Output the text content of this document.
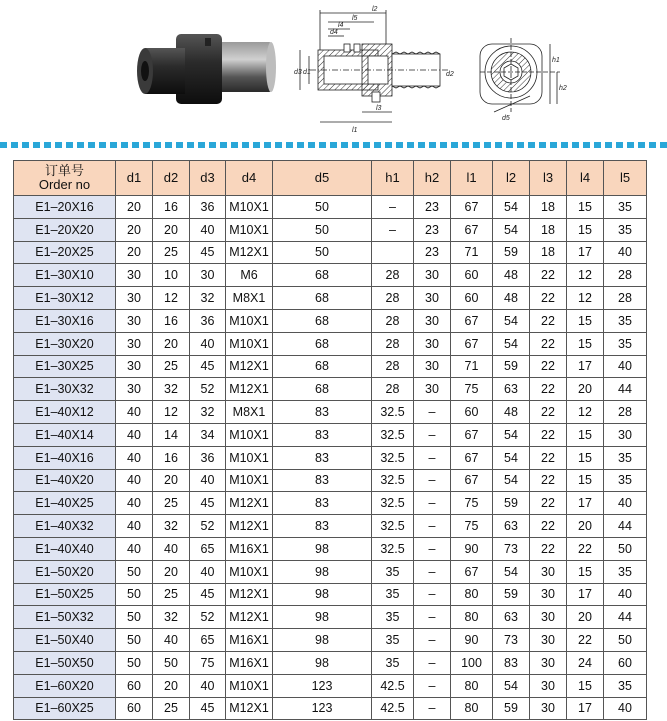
l2
l5
l4
d4
l1
l3
d3 d1	d2
h1
h2
d5
订单号
Order no	d1	d2	d3	d4	d5	h1	h2	l1	l2	l3	l4	l5
E1–20X16	20	16	36	M10X1	50	–	23	67	54	18	15	35
E1–20X20	20	20	40	M10X1	50	–	23	67	54	18	15	35
E1–20X25	20	25	45	M12X1	50		23	71	59	18	17	40
E1–30X10	30	10	30	M6	68	28	30	60	48	22	12	28
E1–30X12	30	12	32	M8X1	68	28	30	60	48	22	12	28
E1–30X16	30	16	36	M10X1	68	28	30	67	54	22	15	35
E1–30X20	30	20	40	M10X1	68	28	30	67	54	22	15	35
E1–30X25	30	25	45	M12X1	68	28	30	71	59	22	17	40
E1–30X32	30	32	52	M12X1	68	28	30	75	63	22	20	44
E1–40X12	40	12	32	M8X1	83	32.5	–	60	48	22	12	28
E1–40X14	40	14	34	M10X1	83	32.5	–	67	54	22	15	30
E1–40X16	40	16	36	M10X1	83	32.5	–	67	54	22	15	35
E1–40X20	40	20	40	M10X1	83	32.5	–	67	54	22	15	35
E1–40X25	40	25	45	M12X1	83	32.5	–	75	59	22	17	40
E1–40X32	40	32	52	M12X1	83	32.5	–	75	63	22	20	44
E1–40X40	40	40	65	M16X1	98	32.5	–	90	73	22	22	50
E1–50X20	50	20	40	M10X1	98	35	–	67	54	30	15	35
E1–50X25	50	25	45	M12X1	98	35	–	80	59	30	17	40
E1–50X32	50	32	52	M12X1	98	35	–	80	63	30	20	44
E1–50X40	50	40	65	M16X1	98	35	–	90	73	30	22	50
E1–50X50	50	50	75	M16X1	98	35	–	100	83	30	24	60
E1–60X20	60	20	40	M10X1	123	42.5	–	80	54	30	15	35
E1–60X25	60	25	45	M12X1	123	42.5	–	80	59	30	17	40
